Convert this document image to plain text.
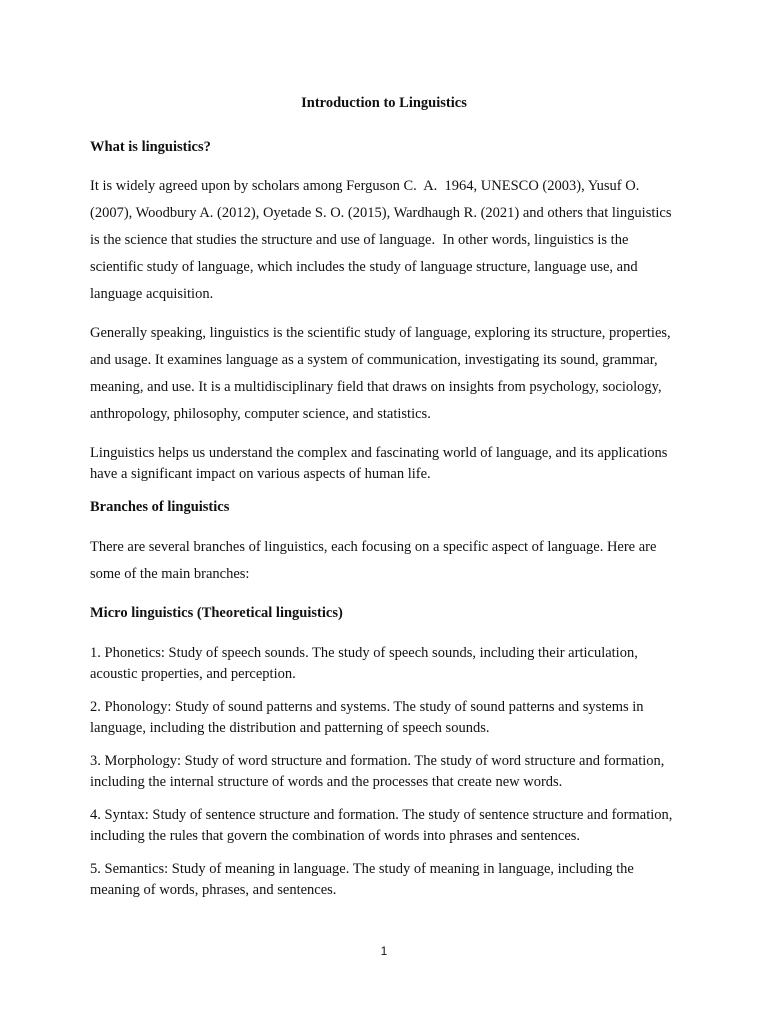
Introduction to Linguistics

What is linguistics?

It is widely agreed upon by scholars among Ferguson C.  A.  1964, UNESCO (2003), Yusuf O. (2007), Woodbury A. (2012), Oyetade S. O. (2015), Wardhaugh R. (2021) and others that linguistics is the science that studies the structure and use of language.  In other words, linguistics is the scientific study of language, which includes the study of language structure, language use, and language acquisition.

Generally speaking, linguistics is the scientific study of language, exploring its structure, properties, and usage. It examines language as a system of communication, investigating its sound, grammar, meaning, and use. It is a multidisciplinary field that draws on insights from psychology, sociology, anthropology, philosophy, computer science, and statistics.

Linguistics helps us understand the complex and fascinating world of language, and its applications have a significant impact on various aspects of human life.

Branches of linguistics

There are several branches of linguistics, each focusing on a specific aspect of language. Here are some of the main branches:

Micro linguistics (Theoretical linguistics)

1. Phonetics: Study of speech sounds. The study of speech sounds, including their articulation, acoustic properties, and perception.

2. Phonology: Study of sound patterns and systems. The study of sound patterns and systems in language, including the distribution and patterning of speech sounds.

3. Morphology: Study of word structure and formation. The study of word structure and formation, including the internal structure of words and the processes that create new words.

4. Syntax: Study of sentence structure and formation. The study of sentence structure and formation, including the rules that govern the combination of words into phrases and sentences.

5. Semantics: Study of meaning in language. The study of meaning in language, including the meaning of words, phrases, and sentences.

1
